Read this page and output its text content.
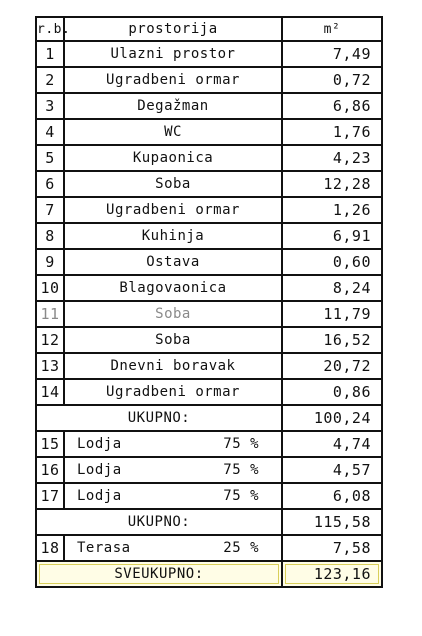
r.b.	prostorija	m²
1	Ulazni prostor	7,49
2	Ugradbeni ormar	0,72
3	Degažman	6,86
4	WC	1,76
5	Kupaonica	4,23
6	Soba	12,28
7	Ugradbeni ormar	1,26
8	Kuhinja	6,91
9	Ostava	0,60
10	Blagovaonica	8,24
11	Soba	11,79
12	Soba	16,52
13	Dnevni boravak	20,72
14	Ugradbeni ormar	0,86
UKUPNO:		100,24
15	Lodja 75 %	4,74
16	Lodja 75 %	4,57
17	Lodja 75 %	6,08
UKUPNO:		115,58
18	Terasa 25 %	7,58
SVEUKUPNO:		123,16
